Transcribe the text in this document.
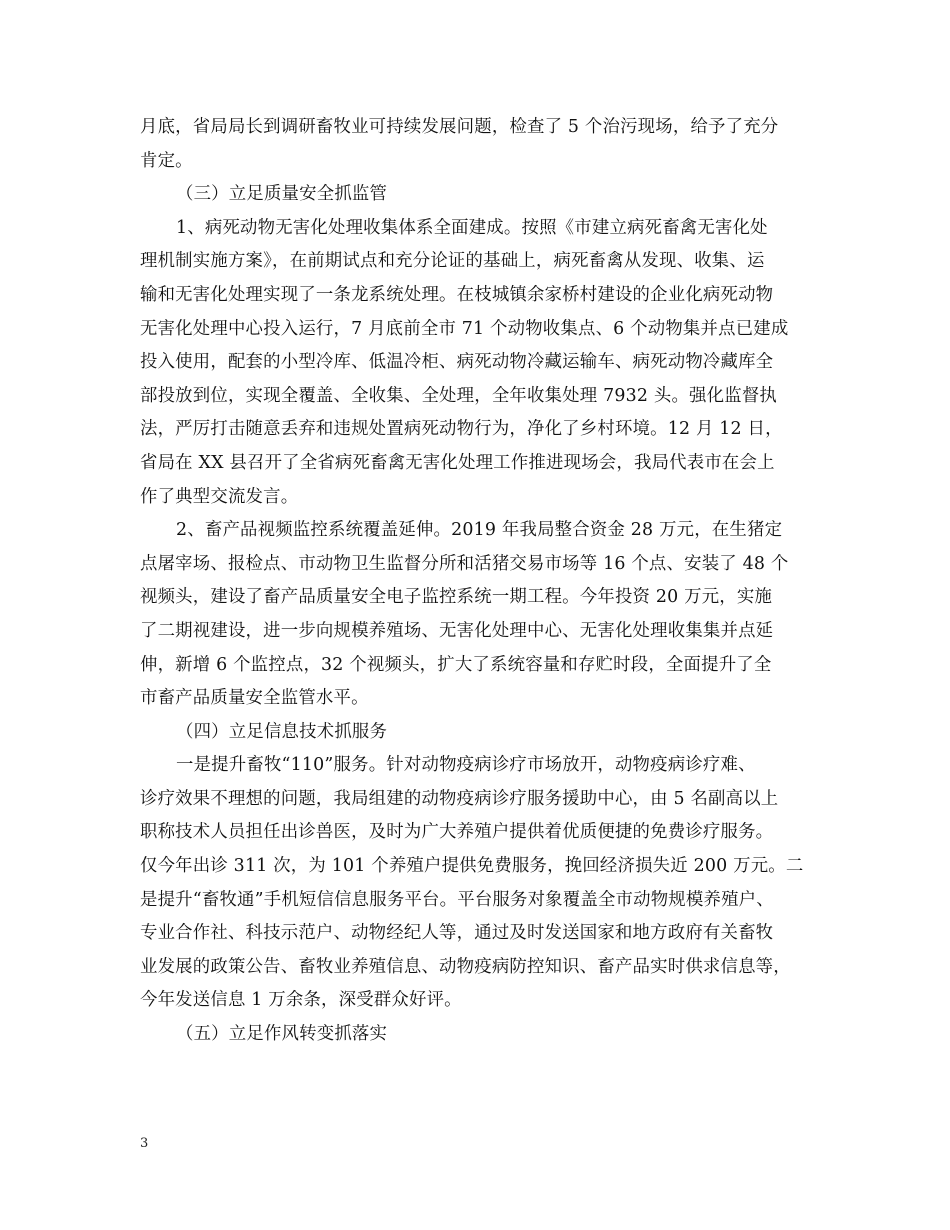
月底，省局局长到调研畜牧业可持续发展问题，检查了 5 个治污现场，给予了充分
肯定。
（三）立足质量安全抓监管
1、病死动物无害化处理收集体系全面建成。按照《市建立病死畜禽无害化处
理机制实施方案》，在前期试点和充分论证的基础上，病死畜禽从发现、收集、运
输和无害化处理实现了一条龙系统处理。在枝城镇余家桥村建设的企业化病死动物
无害化处理中心投入运行，7 月底前全市 71 个动物收集点、6 个动物集并点已建成
投入使用，配套的小型冷库、低温冷柜、病死动物冷藏运输车、病死动物冷藏库全
部投放到位，实现全覆盖、全收集、全处理，全年收集处理 7932 头。强化监督执
法，严厉打击随意丢弃和违规处置病死动物行为，净化了乡村环境。12 月 12 日，
省局在 XX 县召开了全省病死畜禽无害化处理工作推进现场会，我局代表市在会上
作了典型交流发言。
2、畜产品视频监控系统覆盖延伸。2019 年我局整合资金 28 万元，在生猪定
点屠宰场、报检点、市动物卫生监督分所和活猪交易市场等 16 个点、安装了 48 个
视频头，建设了畜产品质量安全电子监控系统一期工程。今年投资 20 万元，实施
了二期视建设，进一步向规模养殖场、无害化处理中心、无害化处理收集集并点延
伸，新增 6 个监控点，32 个视频头，扩大了系统容量和存贮时段，全面提升了全
市畜产品质量安全监管水平。
（四）立足信息技术抓服务
一是提升畜牧“110”服务。针对动物疫病诊疗市场放开，动物疫病诊疗难、
诊疗效果不理想的问题，我局组建的动物疫病诊疗服务援助中心，由 5 名副高以上
职称技术人员担任出诊兽医，及时为广大养殖户提供着优质便捷的免费诊疗服务。
仅今年出诊 311 次，为 101 个养殖户提供免费服务，挽回经济损失近 200 万元。二
是提升“畜牧通”手机短信信息服务平台。平台服务对象覆盖全市动物规模养殖户、
专业合作社、科技示范户、动物经纪人等，通过及时发送国家和地方政府有关畜牧
业发展的政策公告、畜牧业养殖信息、动物疫病防控知识、畜产品实时供求信息等，
今年发送信息 1 万余条，深受群众好评。
（五）立足作风转变抓落实
3
